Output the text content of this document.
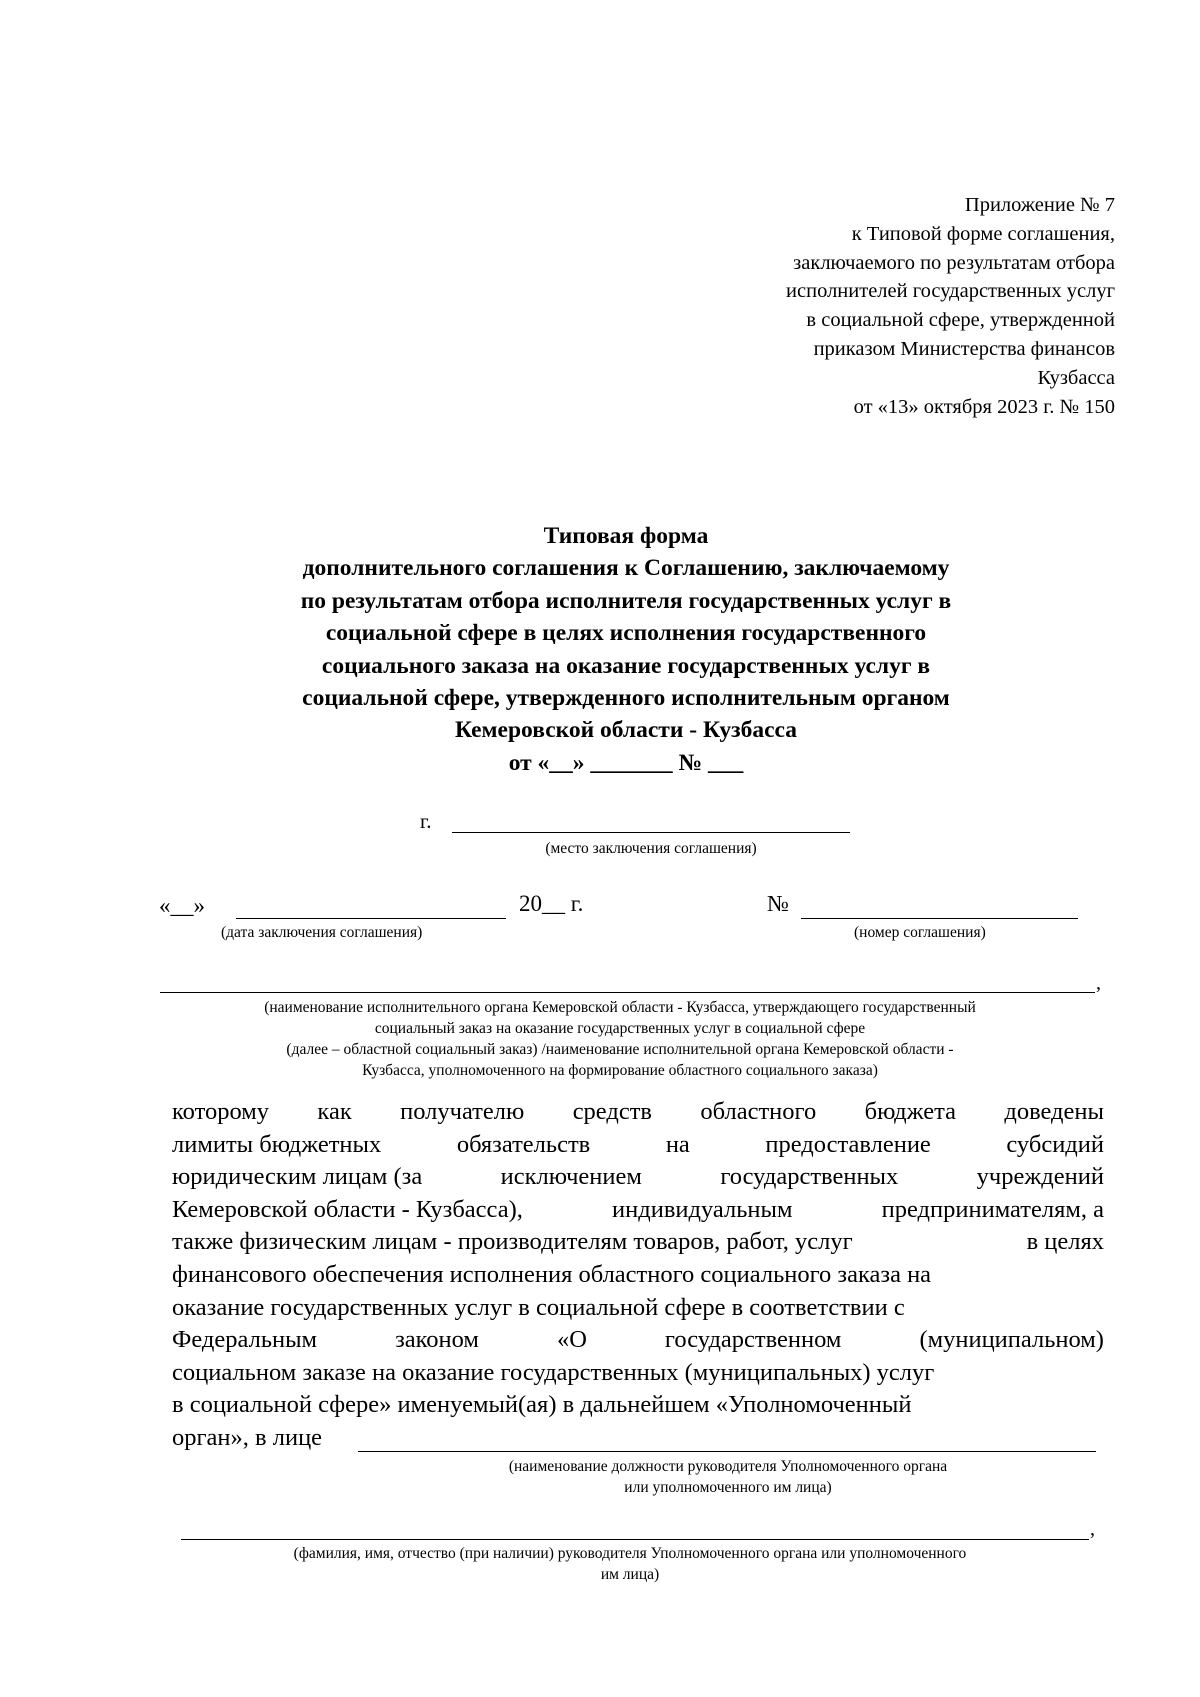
Приложение № 7
к Типовой форме соглашения,
заключаемого по результатам отбора
исполнителей государственных услуг
в социальной сфере, утвержденной
приказом Министерства финансов
Кузбасса
от «13» октября 2023 г. № 150
Типовая форма
дополнительного соглашения к Соглашению, заключаемому
по результатам отбора исполнителя государственных услуг в
социальной сфере в целях исполнения государственного
социального заказа на оказание государственных услуг в
социальной сфере, утвержденного исполнительным органом
Кемеровской области - Кузбасса
от «__» _______ № ___
г.
(место заключения соглашения)
«__»	20__ г.
(дата заключения соглашения)
№
(номер соглашения)
,
(наименование исполнительного органа Кемеровской области - Кузбасса, утверждающего государственный
социальный заказ на оказание государственных услуг в социальной сфере
(далее – областной социальный заказ) /наименование исполнительной органа Кемеровской области -
Кузбасса, уполномоченного на формирование областного социального заказа)
которому как получателю средств областного бюджета доведены
лимиты бюджетных	обязательств	на	предоставление	субсидий
юридическим лицам (за	исключением	государственных	учреждений
Кемеровской области - Кузбасса),	индивидуальным	предпринимателям, а
также физическим лицам - производителям товаров, работ, услуг	в целях
финансового обеспечения исполнения областного социального заказа на
оказание государственных услуг в социальной сфере в соответствии с
Федеральным	законом	«О	государственном	(муниципальном)
социальном заказе на оказание государственных (муниципальных) услуг
в социальной сфере» именуемый(ая) в дальнейшем «Уполномоченный
орган», в лице
(наименование должности руководителя Уполномоченного органа
или уполномоченного им лица)
,
(фамилия, имя, отчество (при наличии) руководителя Уполномоченного органа или уполномоченного
им лица)
